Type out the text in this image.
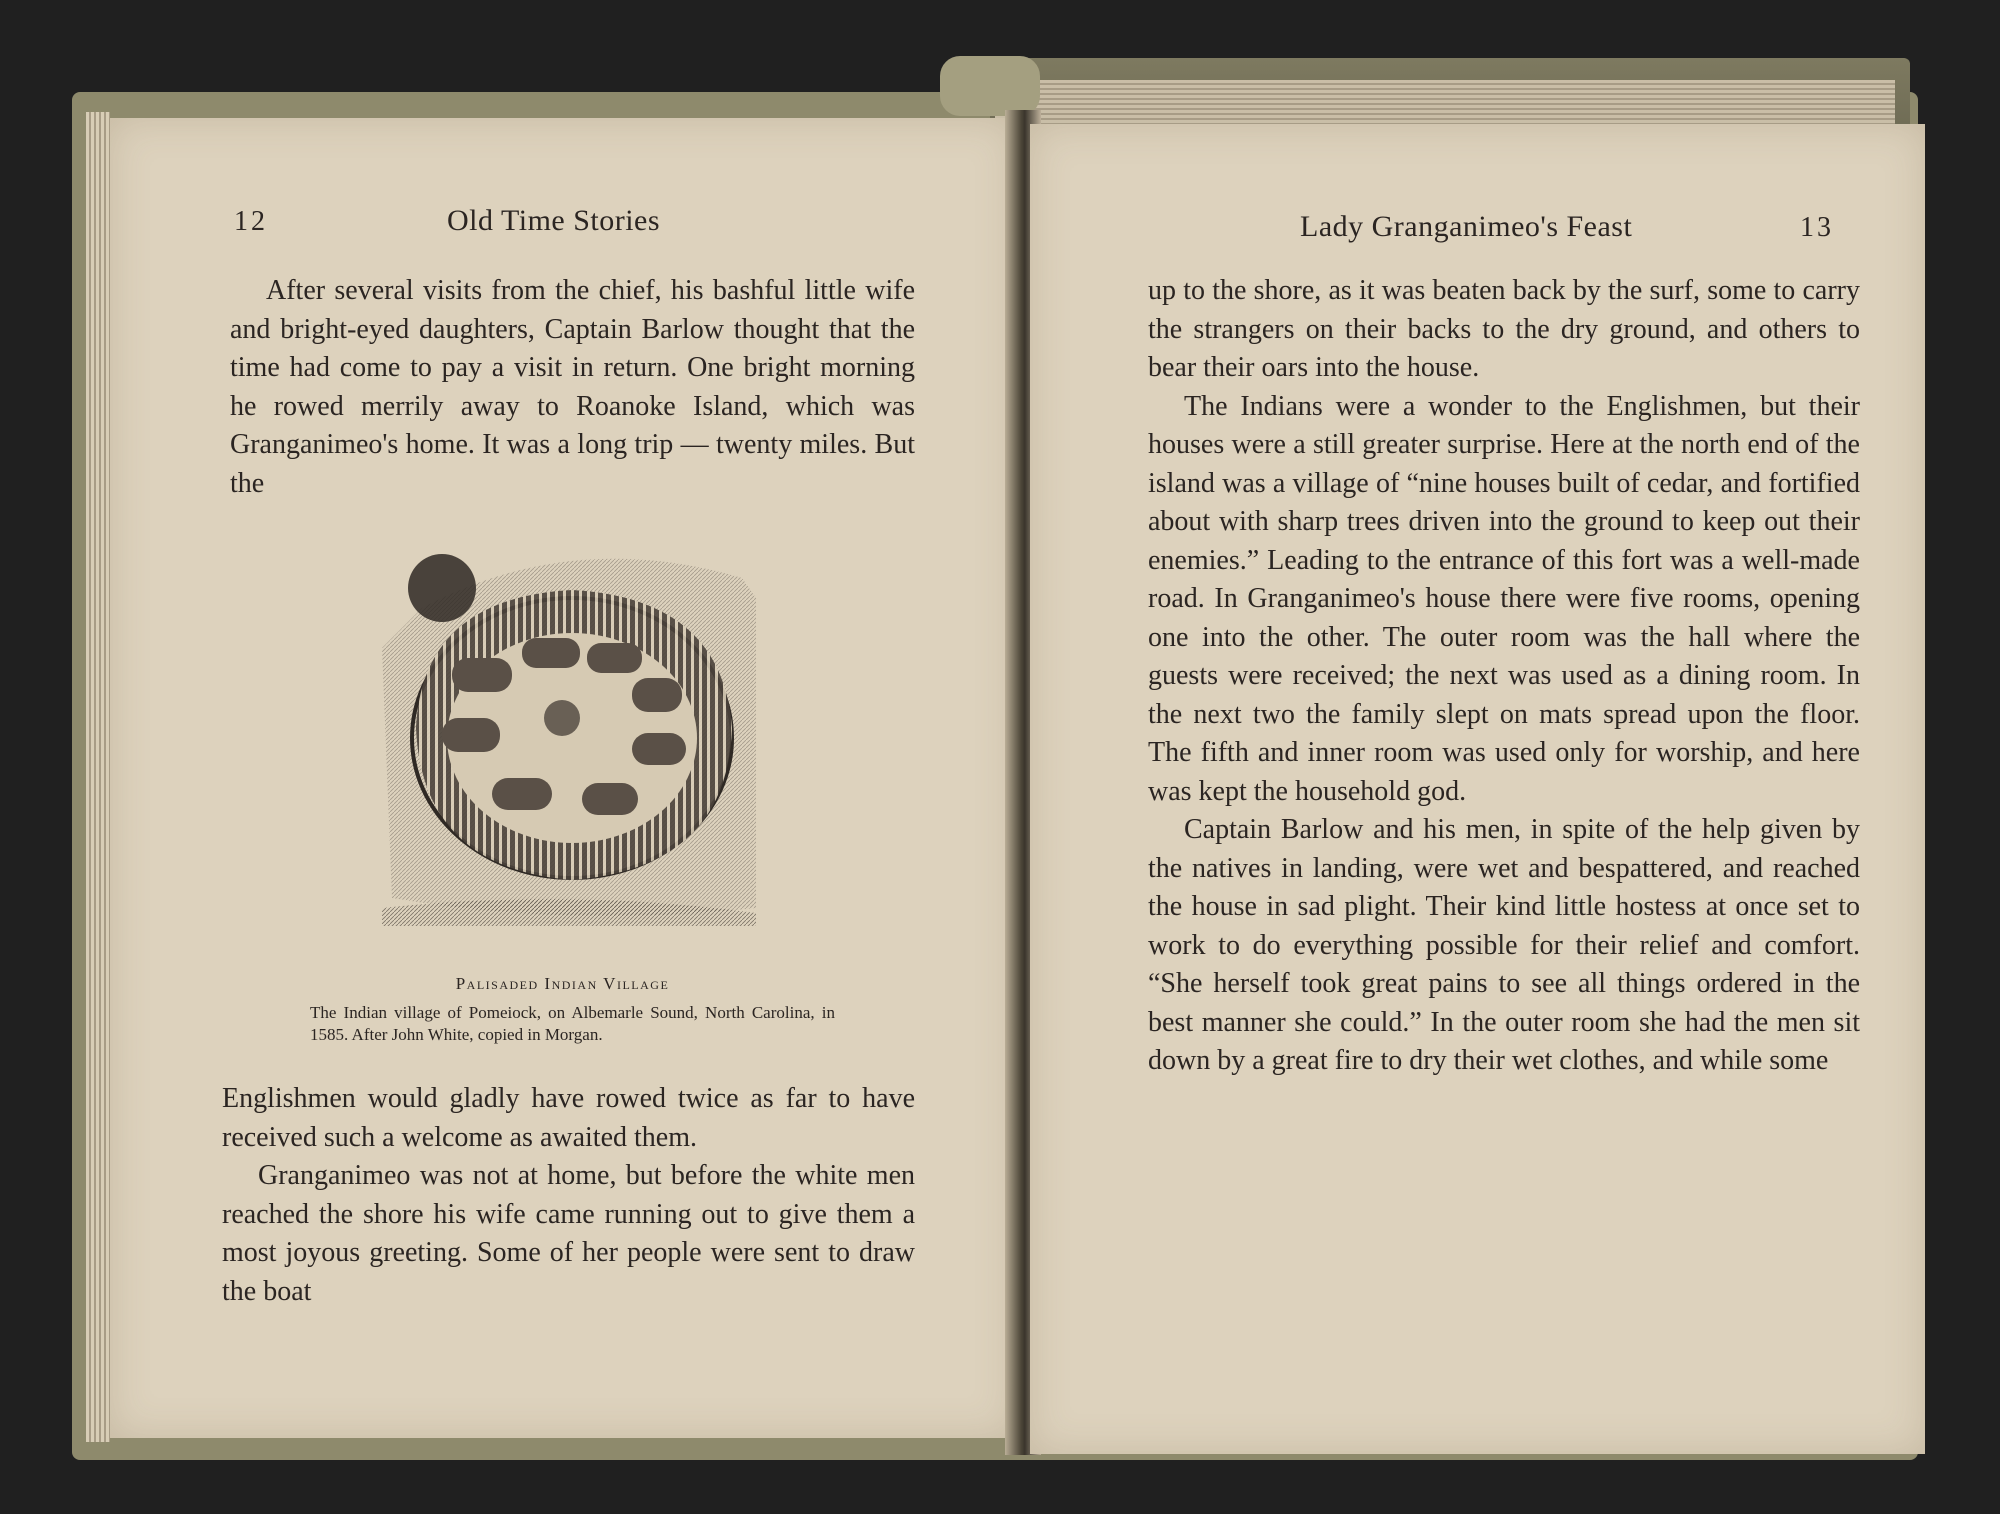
12	Old Time Stories

After several visits from the chief, his bashful little wife and bright-eyed daughters, Captain Barlow thought that the time had come to pay a visit in return. One bright morning he rowed merrily away to Roanoke Island, which was Granganimeo's home. It was a long trip — twenty miles. But the

Palisaded Indian Village
The Indian village of Pomeiock, on Albemarle Sound, North Carolina, in 1585. After John White, copied in Morgan.

Englishmen would gladly have rowed twice as far to have received such a welcome as awaited them.

Granganimeo was not at home, but before the white men reached the shore his wife came running out to give them a most joyous greeting. Some of her people were sent to draw the boat

Lady Granganimeo's Feast	13

up to the shore, as it was beaten back by the surf, some to carry the strangers on their backs to the dry ground, and others to bear their oars into the house.

The Indians were a wonder to the Englishmen, but their houses were a still greater surprise. Here at the north end of the island was a village of “nine houses built of cedar, and fortified about with sharp trees driven into the ground to keep out their enemies.” Leading to the entrance of this fort was a well-made road. In Granganimeo's house there were five rooms, opening one into the other. The outer room was the hall where the guests were received; the next was used as a dining room. In the next two the family slept on mats spread upon the floor. The fifth and inner room was used only for worship, and here was kept the household god.

Captain Barlow and his men, in spite of the help given by the natives in landing, were wet and bespattered, and reached the house in sad plight. Their kind little hostess at once set to work to do everything possible for their relief and comfort. “She herself took great pains to see all things ordered in the best manner she could.” In the outer room she had the men sit down by a great fire to dry their wet clothes, and while some
